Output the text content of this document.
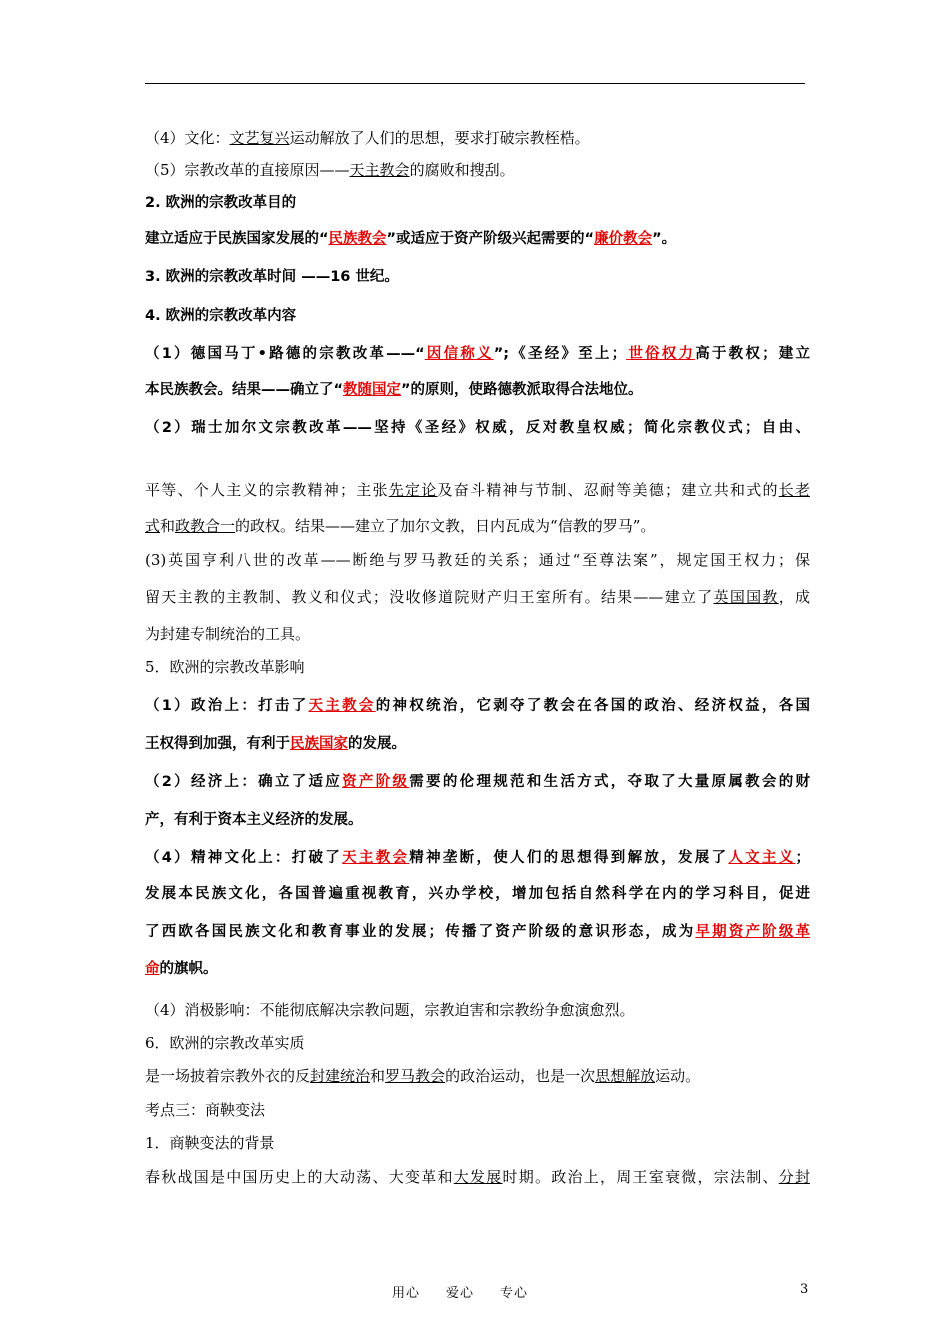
（4）文化：文艺复兴运动解放了人们的思想，要求打破宗教桎梏。
（5）宗教改革的直接原因——天主教会的腐败和搜刮。
2. 欧洲的宗教改革目的
建立适应于民族国家发展的“民族教会”或适应于资产阶级兴起需要的“廉价教会”。
3. 欧洲的宗教改革时间 ——16 世纪。
4. 欧洲的宗教改革内容
（1）德国马丁•路德的宗教改革——“因信称义”;《圣经》至上；世俗权力高于教权；建立
本民族教会。结果——确立了“教随国定”的原则，使路德教派取得合法地位。
（2）瑞士加尔文宗教改革——坚持《圣经》权威，反对教皇权威；简化宗教仪式；自由、
平等、个人主义的宗教精神；主张先定论及奋斗精神与节制、忍耐等美德；建立共和式的长老
式和政教合一的政权。结果——建立了加尔文教，日内瓦成为“信教的罗马”。
(3)英国亨利八世的改革——断绝与罗马教廷的关系；通过“至尊法案”，规定国王权力；保
留天主教的主教制、教义和仪式；没收修道院财产归王室所有。结果——建立了英国国教，成
为封建专制统治的工具。
5．欧洲的宗教改革影响
（1）政治上：打击了天主教会的神权统治，它剥夺了教会在各国的政治、经济权益，各国
王权得到加强，有利于民族国家的发展。
（2）经济上：确立了适应资产阶级需要的伦理规范和生活方式，夺取了大量原属教会的财
产，有利于资本主义经济的发展。
（4）精神文化上：打破了天主教会精神垄断，使人们的思想得到解放，发展了人文主义；
发展本民族文化，各国普遍重视教育，兴办学校，增加包括自然科学在内的学习科目，促进
了西欧各国民族文化和教育事业的发展；传播了资产阶级的意识形态，成为早期资产阶级革
命的旗帜。
（4）消极影响：不能彻底解决宗教问题，宗教迫害和宗教纷争愈演愈烈。
6．欧洲的宗教改革实质
是一场披着宗教外衣的反封建统治和罗马教会的政治运动，也是一次思想解放运动。
考点三：商鞅变法
1．商鞅变法的背景
春秋战国是中国历史上的大动荡、大变革和大发展时期。政治上，周王室衰微，宗法制、分封
用心 爱心 专心	3
